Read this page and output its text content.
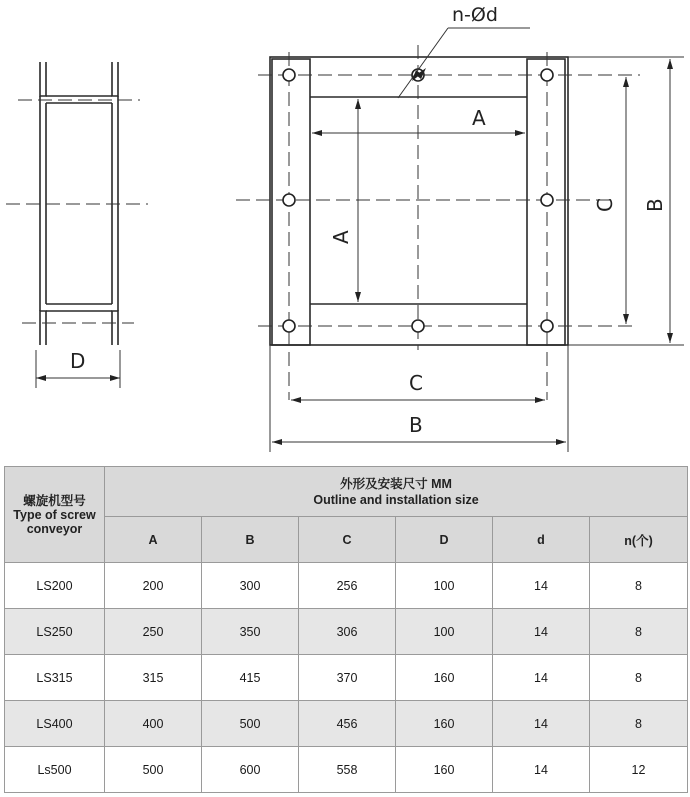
D
n-Ød
A
A
C B
C
B
螺旋机型号
Type of screw conveyor	外形及安装尺寸 MM
Outline and installation size					

	A	B	C	D	d	n(个)
LS200	200	300	256	100	14	8
LS250	250	350	306	100	14	8
LS315	315	415	370	160	14	8
LS400	400	500	456	160	14	8
Ls500	500	600	558	160	14	12
